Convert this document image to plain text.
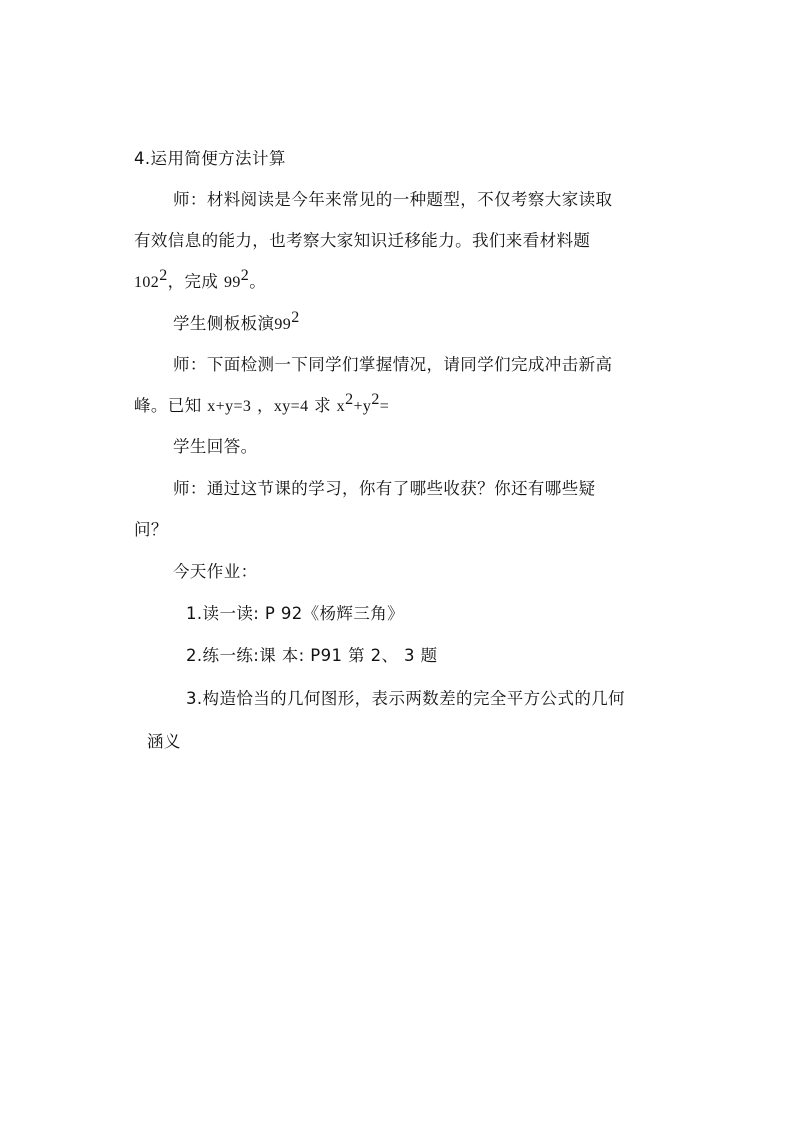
4.运用简便方法计算
师：材料阅读是今年来常见的一种题型，不仅考察大家读取
有效信息的能力，也考察大家知识迁移能力。我们来看材料题
$102^2$，完成 $99^2$。
学生侧板板演$99^2$
师：下面检测一下同学们掌握情况，请同学们完成冲击新高
峰。已知 x+y=3 ，xy=4 求 $x^2+y^2=$
学生回答。
师：通过这节课的学习，你有了哪些收获？你还有哪些疑
问？
今天作业：
1.读一读: P 92《杨辉三角》
2.练一练:课 本: P91 第 2、 3 题
3.构造恰当的几何图形，表示两数差的完全平方公式的几何
涵义
